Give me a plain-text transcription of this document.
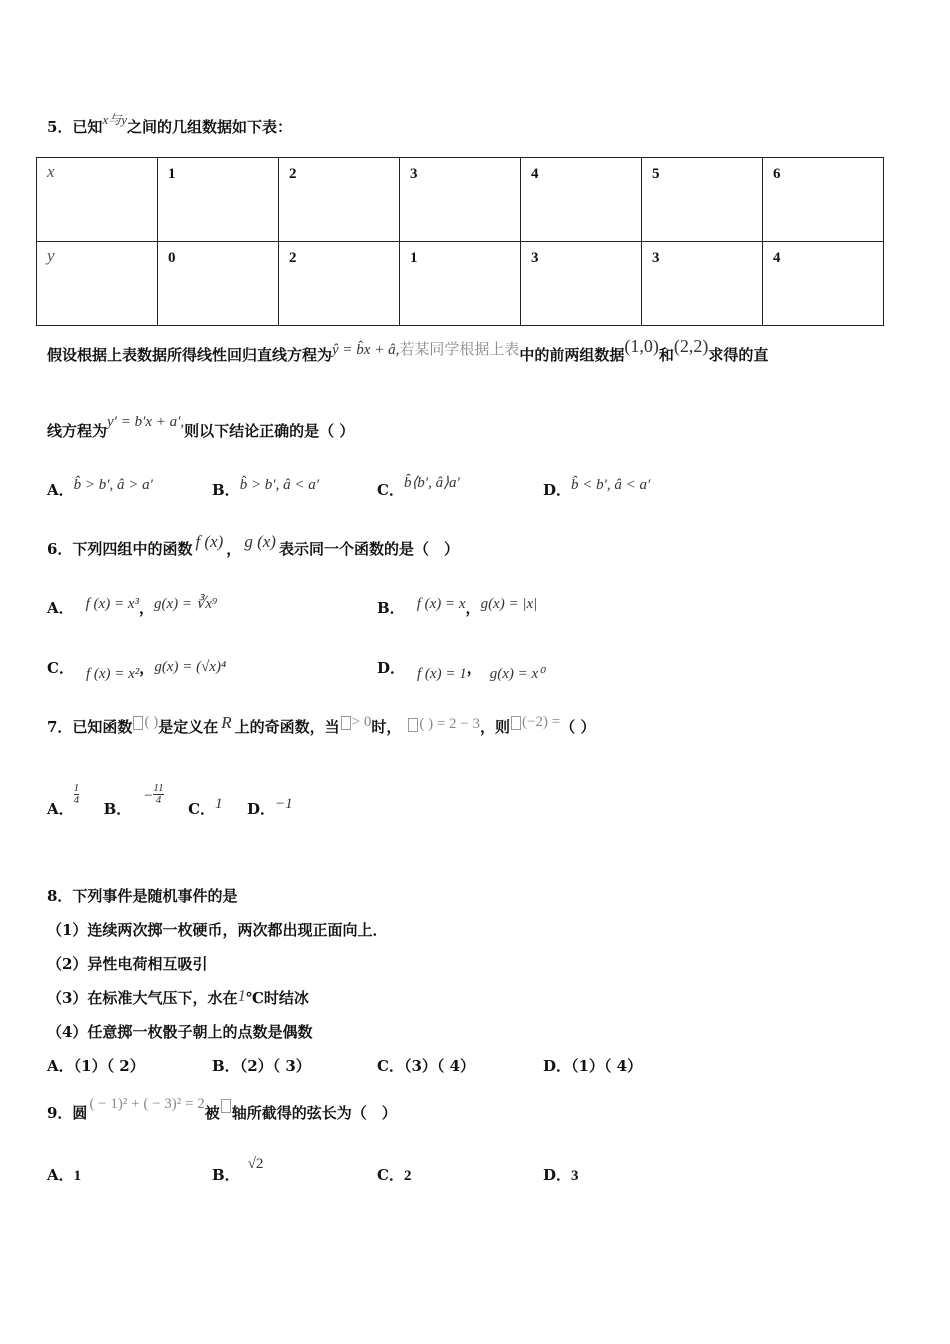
5．已知x与y之间的几组数据如下表：
x	1	2	3	4	5	6
y	0	2	1	3	3	4
假设根据上表数据所得线性回归直线方程为ŷ = b̂x + â,若某同学根据上表中的前两组数据(1,0)和(2,2)求得的直
线方程为y′ = b′x + a′,则以下结论正确的是（ ）
A．b̂ > b′, â > a′	B．b̂ > b′, â < a′	C．b̂⟨b′, â⟩a′	D．b̂ < b′, â < a′
6．下列四组中的函数 f (x) ， g (x) 表示同一个函数的是（　）
A． f (x) = x³，g(x) = ∛x⁹	B． f (x) = x，g(x) = |x|
C． f (x) = x²，g(x) = (√x)⁴	D． f (x) = 1， g(x) = x⁰
7．已知函数 ( )是定义在 R 上的奇函数，当 > 0时， ( ) = 2 − 3，则 (−2) =（ ）
A．$\frac{1}{4}$
B．$-\frac{11}{4}$
C．1 D．−1
8．下列事件是随机事件的是
（1）连续两次掷一枚硬币，两次都出现正面向上．
（2）异性电荷相互吸引
（3）在标准大气压下，水在1℃时结冰
（4）任意掷一枚骰子朝上的点数是偶数
A．（1）（ 2）	B．（2）（ 3）	C．（3）（ 4）	D．（1）（ 4）
9．圆 ( − 1)² + ( − 3)² = 2被 轴所截得的弦长为（　）
A．1	B．√2
C．2	D．3
